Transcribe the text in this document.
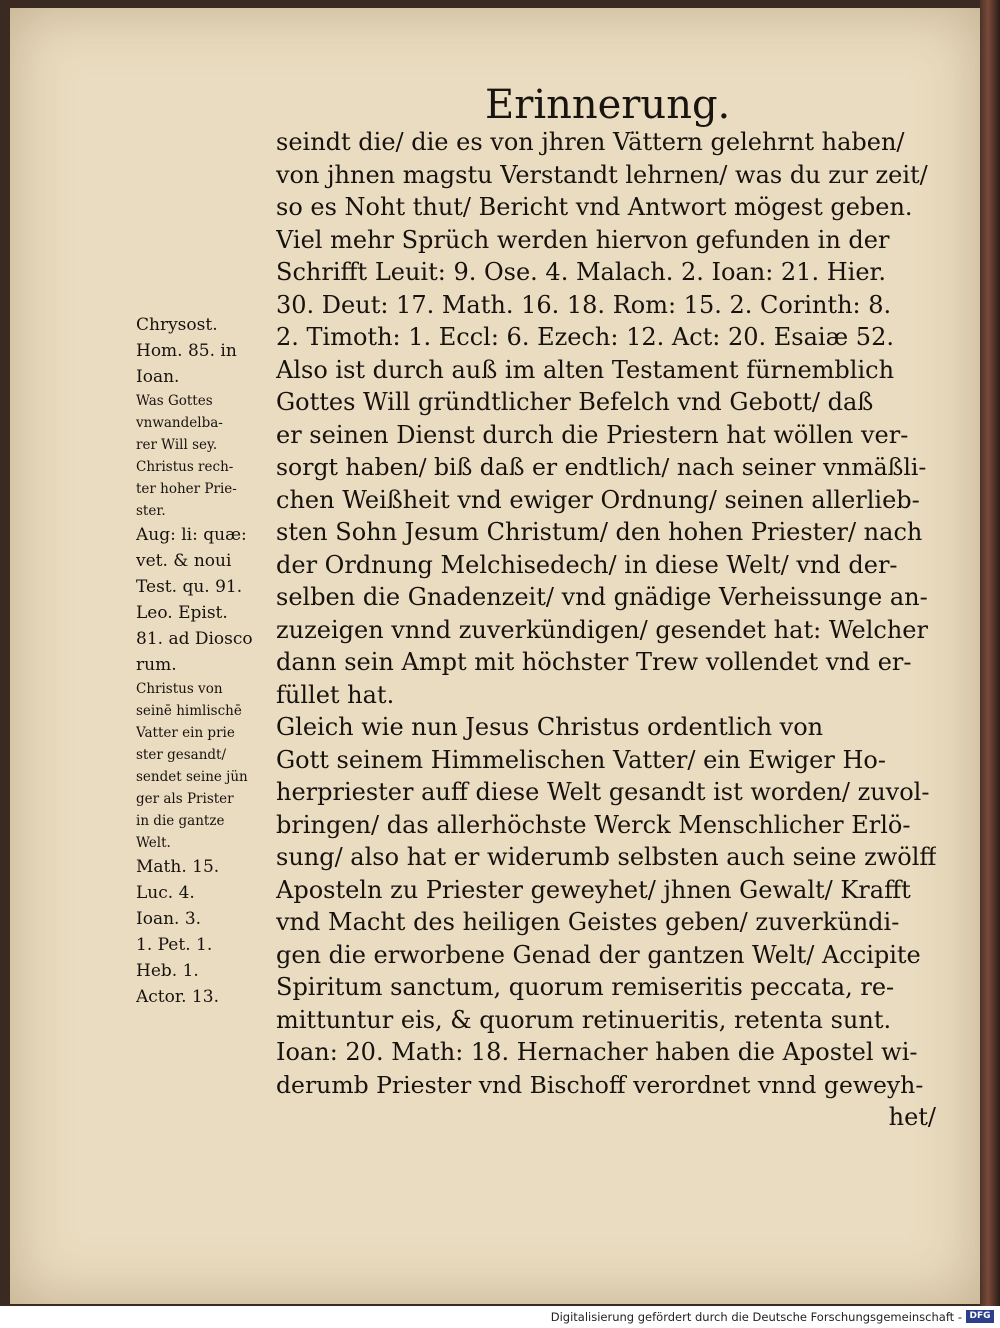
Erinnerung.
seindt die/ die es von jhren Vättern gelehrnt haben/
von jhnen magstu Verstandt lehrnen/ was du zur zeit/
so es Noht thut/ Bericht vnd Antwort mögest geben.
Viel mehr Sprüch werden hiervon gefunden in der
Schrifft Leuit: 9. Ose. 4. Malach. 2. Ioan: 21. Hier.
30. Deut: 17. Math. 16. 18. Rom: 15. 2. Corinth: 8.
2. Timoth: 1. Eccl: 6. Ezech: 12. Act: 20. Esaiæ 52.
Also ist durch auß im alten Testament fürnemblich
Gottes Will gründtlicher Befelch vnd Gebott/ daß
er seinen Dienst durch die Priestern hat wöllen ver-
sorgt haben/ biß daß er endtlich/ nach seiner vnmäßli-
chen Weißheit vnd ewiger Ordnung/ seinen allerlieb-
sten Sohn Jesum Christum/ den hohen Priester/ nach
der Ordnung Melchisedech/ in diese Welt/ vnd der-
selben die Gnadenzeit/ vnd gnädige Verheissunge an-
zuzeigen vnnd zuverkündigen/ gesendet hat: Welcher
dann sein Ampt mit höchster Trew vollendet vnd er-
füllet hat.
Gleich wie nun Jesus Christus ordentlich von
Gott seinem Himmelischen Vatter/ ein Ewiger Ho-
herpriester auff diese Welt gesandt ist worden/ zuvol-
bringen/ das allerhöchste Werck Menschlicher Erlö-
sung/ also hat er widerumb selbsten auch seine zwölff
Aposteln zu Priester geweyhet/ jhnen Gewalt/ Krafft
vnd Macht des heiligen Geistes geben/ zuverkündi-
gen die erworbene Genad der gantzen Welt/ Accipite
Spiritum sanctum, quorum remiseritis peccata, re-
mittuntur eis, & quorum retinueritis, retenta sunt.
Ioan: 20. Math: 18. Hernacher haben die Apostel wi-
derumb Priester vnd Bischoff verordnet vnnd geweyh-
het/
Chrysost.
Hom. 85. in
Ioan.
Was Gottes
vnwandelba-
rer Will sey.
Christus rech-
ter hoher Prie-
ster.
Aug: li: quæ:
vet. & noui
Test. qu. 91.
Leo. Epist.
81. ad Diosco
rum.
Christus von
seinē himlischē
Vatter ein prie
ster gesandt/
sendet seine jün
ger als Prister
in die gantze
Welt.
Math. 15.
Luc. 4.
Ioan. 3.
1. Pet. 1.
Heb. 1.
Actor. 13.
Digitalisierung gefördert durch die Deutsche Forschungsgemeinschaft - DFG
